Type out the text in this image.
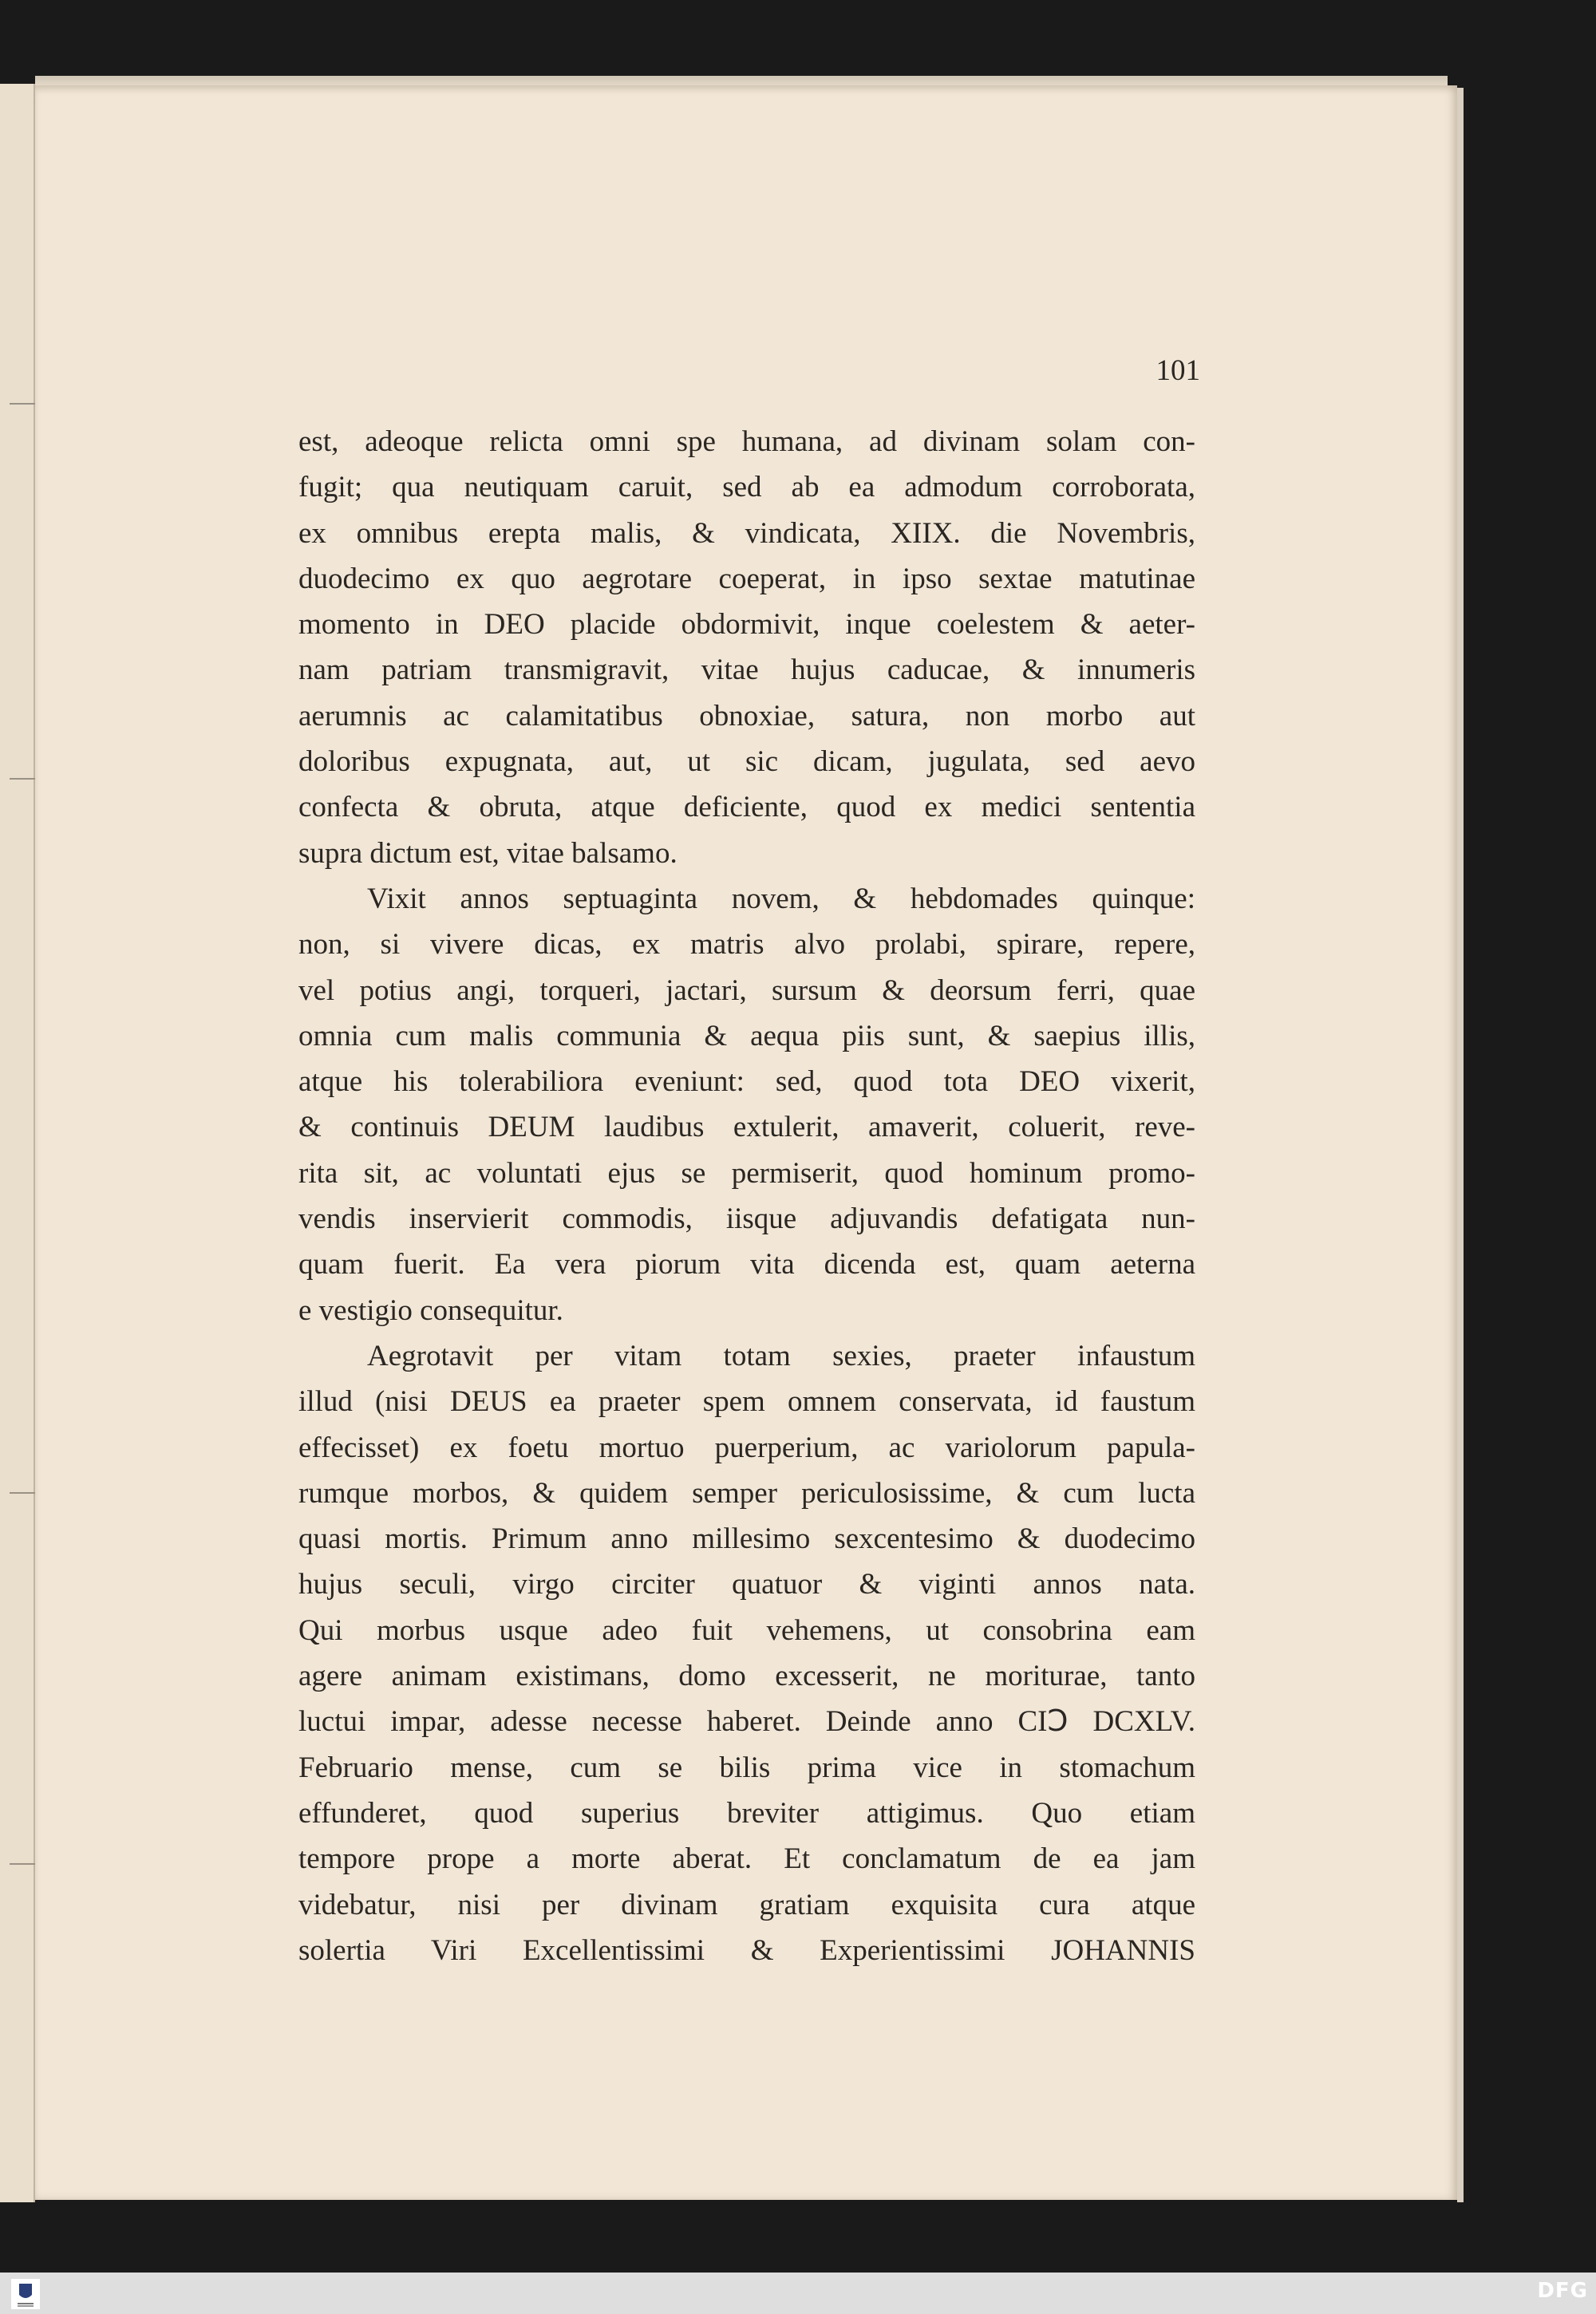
101
est, adeoque relicta omni spe humana, ad divinam solam con-
fugit; qua neutiquam caruit, sed ab ea admodum corroborata,
ex omnibus erepta malis, & vindicata, XIIX. die Novembris,
duodecimo ex quo aegrotare coeperat, in ipso sextae matutinae
momento in DEO placide obdormivit, inque coelestem & aeter-
nam patriam transmigravit, vitae hujus caducae, & innumeris
aerumnis ac calamitatibus obnoxiae, satura, non morbo aut
doloribus expugnata, aut, ut sic dicam, jugulata, sed aevo
confecta & obruta, atque deficiente, quod ex medici sententia
supra dictum est, vitae balsamo.
Vixit annos septuaginta novem, & hebdomades quinque:
non, si vivere dicas, ex matris alvo prolabi, spirare, repere,
vel potius angi, torqueri, jactari, sursum & deorsum ferri, quae
omnia cum malis communia & aequa piis sunt, & saepius illis,
atque his tolerabiliora eveniunt: sed, quod tota DEO vixerit,
& continuis DEUM laudibus extulerit, amaverit, coluerit, reve-
rita sit, ac voluntati ejus se permiserit, quod hominum promo-
vendis inservierit commodis, iisque adjuvandis defatigata nun-
quam fuerit. Ea vera piorum vita dicenda est, quam aeterna
e vestigio consequitur.
Aegrotavit per vitam totam sexies, praeter infaustum
illud (nisi DEUS ea praeter spem omnem conservata, id faustum
effecisset) ex foetu mortuo puerperium, ac variolorum papula-
rumque morbos, & quidem semper periculosissime, & cum lucta
quasi mortis. Primum anno millesimo sexcentesimo & duodecimo
hujus seculi, virgo circiter quatuor & viginti annos nata.
Qui morbus usque adeo fuit vehemens, ut consobrina eam
agere animam existimans, domo excesserit, ne moriturae, tanto
luctui impar, adesse necesse haberet. Deinde anno CIↃ DCXLV.
Februario mense, cum se bilis prima vice in stomachum
effunderet, quod superius breviter attigimus. Quo etiam
tempore prope a morte aberat. Et conclamatum de ea jam
videbatur, nisi per divinam gratiam exquisita cura atque
solertia Viri Excellentissimi & Experientissimi JOHANNIS
DFG
